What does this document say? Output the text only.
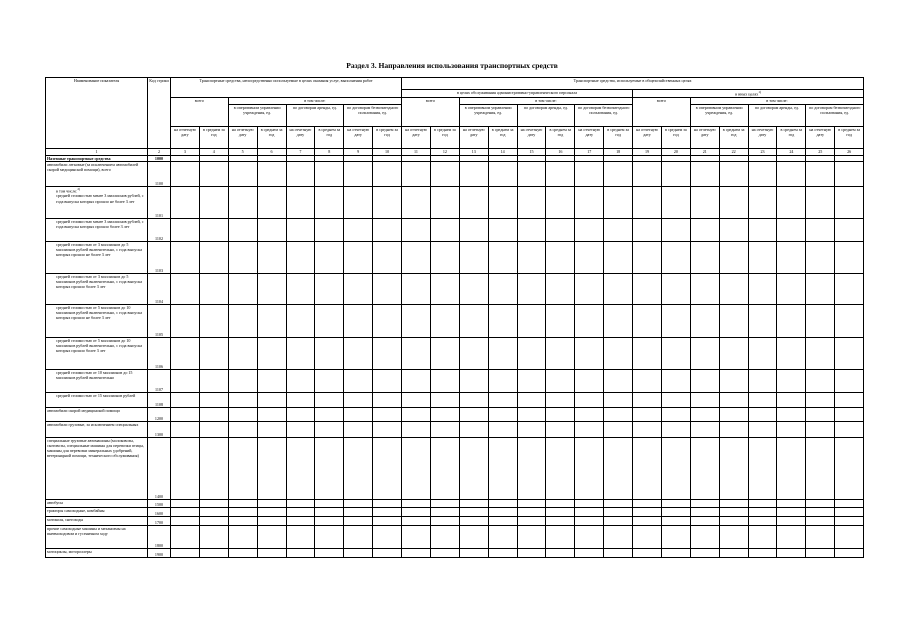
Раздел 3. Направления использования транспортных средств
Наименование показателя	Код строки	Транспортные средства, непосредственно используемые в целях оказания услуг, выполнения работ								Транспортные средства, используемые в общехозяйственных целях															
										в целях обслуживания административно-управленческого персонала								в иных целях$^{1)}$
		всего		в том числе:						всего		в том числе:						всего		в том числе:					
				в оперативном управлении учреждения, ед.		по договорам аренды, ед.		по договорам безвозмездного пользования, ед.				в оперативном управлении учреждения, ед.		по договорам аренды, ед.		по договорам безвозмездного пользования, ед.				в оперативном управлении учреждения, ед.		по договорам аренды, ед.		по договорам безвозмездного пользования, ед.	
		на отчетную дату	в среднем за год	на отчетную дату	в среднем за год	на отчетную дату	в среднем за год	на отчетную дату	в среднем за год	на отчетную дату	в среднем за год	на отчетную дату	в среднем за год	на отчетную дату	в среднем за год	на отчетную дату	в среднем за год	на отчетную дату	в среднем за год	на отчетную дату	в среднем за год	на отчетную дату	в среднем за год	на отчетную дату	в среднем за год
1	2	3	4	5	6	7	8	9	10	11	12	13	14	15	16	17	18	19	20	21	22	23	24	25	26
Наземные транспортные средства	1000																								
автомобили легковые (за исключением автомобилей скорой медицинской помощи), всего	1100																								
в том числе:$^{2)}$
средней стоимостью менее 3 миллионов рублей, с года выпуска которых прошло не более 3 лет	1101																								
средней стоимостью менее 3 миллионов рублей, с года выпуска которых прошло более 3 лет	1102																								
средней стоимостью от 3 миллионов до 5 миллионов рублей включительно, с года выпуска которых прошло не более 3 лет	1103																								
средней стоимостью от 3 миллионов до 5 миллионов рублей включительно, с года выпуска которых прошло более 3 лет	1104																								
средней стоимостью от 5 миллионов до 10 миллионов рублей включительно, с года выпуска которых прошло не более 3 лет	1105																								
средней стоимостью от 5 миллионов до 10 миллионов рублей включительно, с года выпуска которых прошло более 3 лет	1106																								
средней стоимостью от 10 миллионов до 15 миллионов рублей включительно	1107																								
средней стоимостью от 15 миллионов рублей	1108																								
автомобили скорой медицинской помощи	1200																								
автомобили грузовые, за исключением специальных	1300																								
специальные грузовые автомашины (молоковозы, скотовозы, специальные машины для перевозки птицы, машины для перевозки минеральных удобрений, ветеринарной помощи, технического обслуживания)	1400																								
автобусы	1500																								
тракторы самоходные, комбайны	1600																								
мотоколя, снегоходы	1700																								
прочие самоходные машины и механизмы на пневмоходовом и гусеничном ходу	1800																								
мотоциклы, мотороллеры	1900																								
